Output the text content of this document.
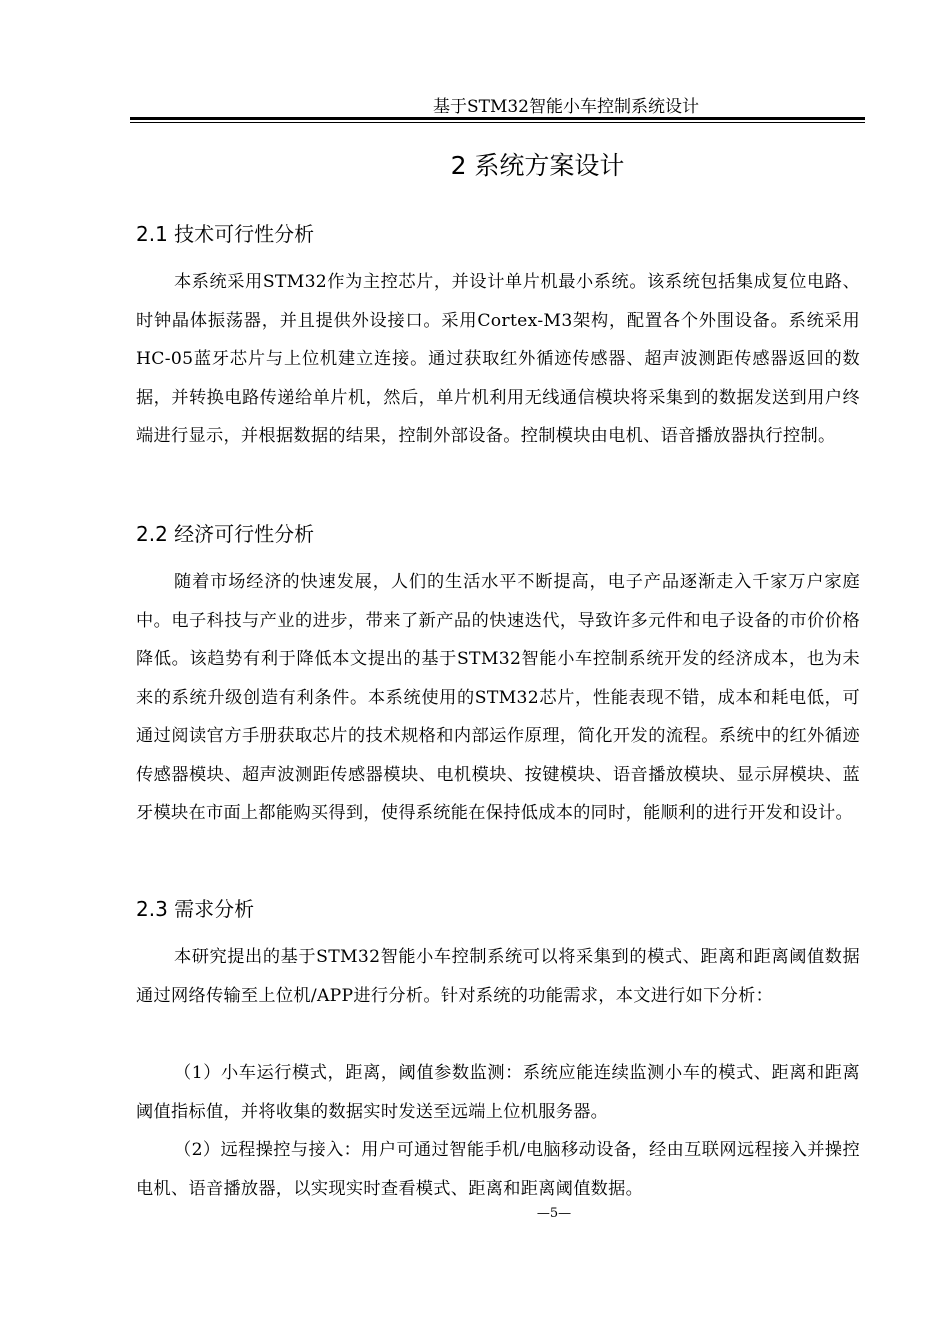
基于STM32智能小车控制系统设计
2 系统方案设计
2.1 技术可行性分析
本系统采用STM32作为主控芯片，并设计单片机最小系统。该系统包括集成复位电路、时钟晶体振荡器，并且提供外设接口。采用Cortex-M3架构，配置各个外围设备。系统采用HC-05蓝牙芯片与上位机建立连接。通过获取红外循迹传感器、超声波测距传感器返回的数据，并转换电路传递给单片机，然后，单片机利用无线通信模块将采集到的数据发送到用户终端进行显示，并根据数据的结果，控制外部设备。控制模块由电机、语音播放器执行控制。
2.2 经济可行性分析
随着市场经济的快速发展，人们的生活水平不断提高，电子产品逐渐走入千家万户家庭中。电子科技与产业的进步，带来了新产品的快速迭代，导致许多元件和电子设备的市价价格降低。该趋势有利于降低本文提出的基于STM32智能小车控制系统开发的经济成本，也为未来的系统升级创造有利条件。本系统使用的STM32芯片，性能表现不错，成本和耗电低，可通过阅读官方手册获取芯片的技术规格和内部运作原理，简化开发的流程。系统中的红外循迹传感器模块、超声波测距传感器模块、电机模块、按键模块、语音播放模块、显示屏模块、蓝牙模块在市面上都能购买得到，使得系统能在保持低成本的同时，能顺利的进行开发和设计。
2.3 需求分析
本研究提出的基于STM32智能小车控制系统可以将采集到的模式、距离和距离阈值数据通过网络传输至上位机/APP进行分析。针对系统的功能需求，本文进行如下分析：
（1）小车运行模式，距离，阈值参数监测：系统应能连续监测小车的模式、距离和距离阈值指标值，并将收集的数据实时发送至远端上位机服务器。
（2）远程操控与接入：用户可通过智能手机/电脑移动设备，经由互联网远程接入并操控电机、语音播放器，以实现实时查看模式、距离和距离阈值数据。
—5—
